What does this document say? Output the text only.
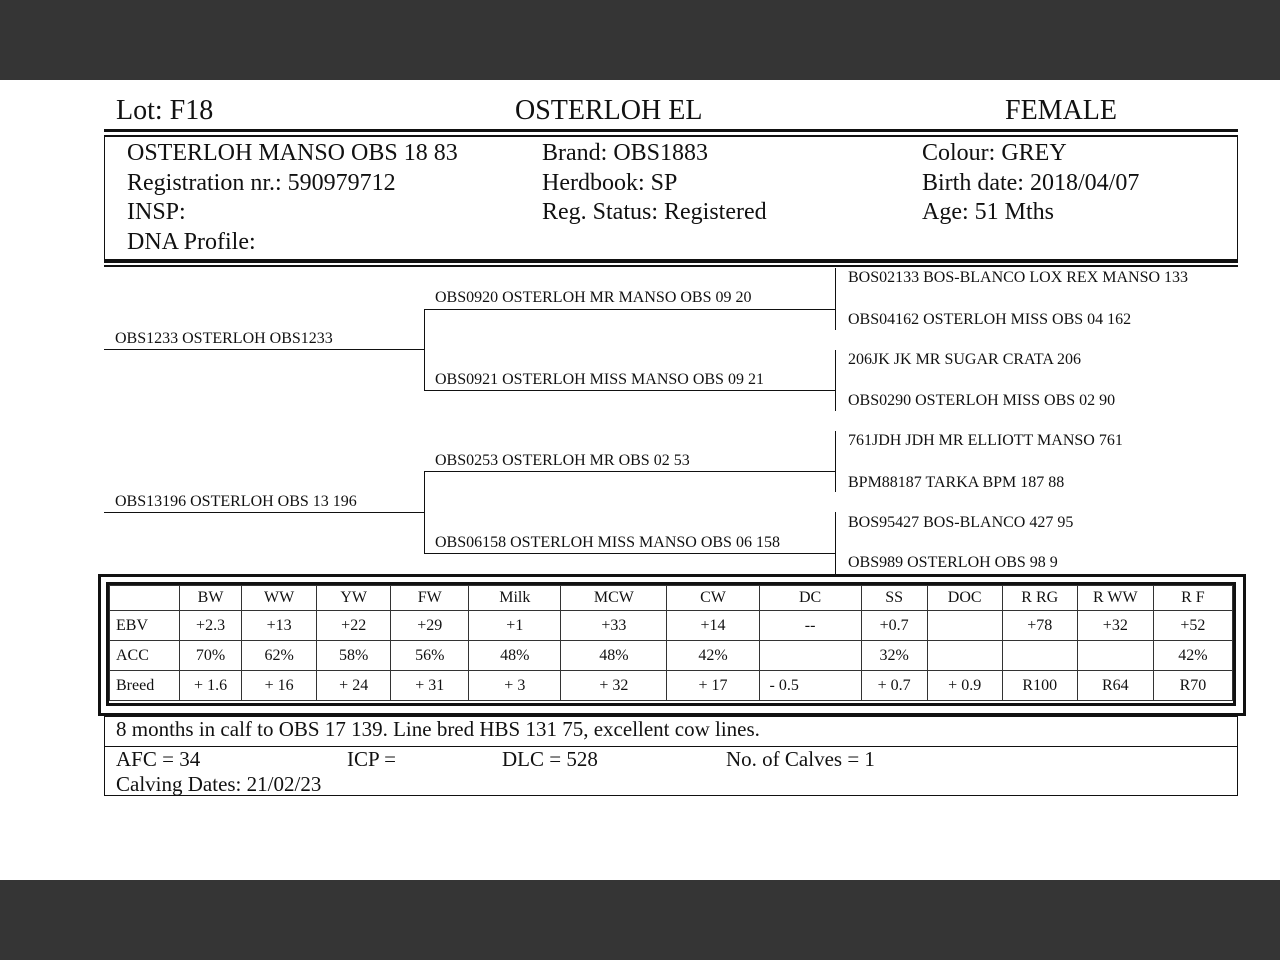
Lot: F18	OSTERLOH EL	FEMALE
OSTERLOH MANSO OBS 18 83
Registration nr.: 590979712
INSP:
DNA Profile:
Brand: OBS1883
Herdbook: SP
Reg. Status: Registered
Colour: GREY
Birth date: 2018/04/07
Age: 51 Mths
OBS1233 OSTERLOH OBS1233
OBS13196 OSTERLOH OBS 13 196
OBS0920 OSTERLOH MR MANSO OBS 09 20
OBS0921 OSTERLOH MISS MANSO OBS 09 21
OBS0253 OSTERLOH MR OBS 02 53
OBS06158 OSTERLOH MISS MANSO OBS 06 158
BOS02133 BOS-BLANCO LOX REX MANSO 133
OBS04162 OSTERLOH MISS OBS 04 162
206JK JK MR SUGAR CRATA 206
OBS0290 OSTERLOH MISS OBS 02 90
761JDH JDH MR ELLIOTT MANSO 761
BPM88187 TARKA BPM 187 88
BOS95427 BOS-BLANCO 427 95
OBS989 OSTERLOH OBS 98 9
	BW	WW	YW	FW	Milk	MCW	CW	DC	SS	DOC	R RG	R WW	R F
EBV	+2.3	+13	+22	+29	+1	+33	+14	--	+0.7		+78	+32	+52
ACC	70%	62%	58%	56%	48%	48%	42%		32%				42%
Breed	+ 1.6	+ 16	+ 24	+ 31	+ 3	+ 32	+ 17	- 0.5	+ 0.7	+ 0.9	R100	R64	R70
8 months in calf to OBS 17 139. Line bred HBS 131 75, excellent cow lines.
AFC = 34	ICP =	DLC = 528	No. of Calves = 1
Calving Dates: 21/02/23
